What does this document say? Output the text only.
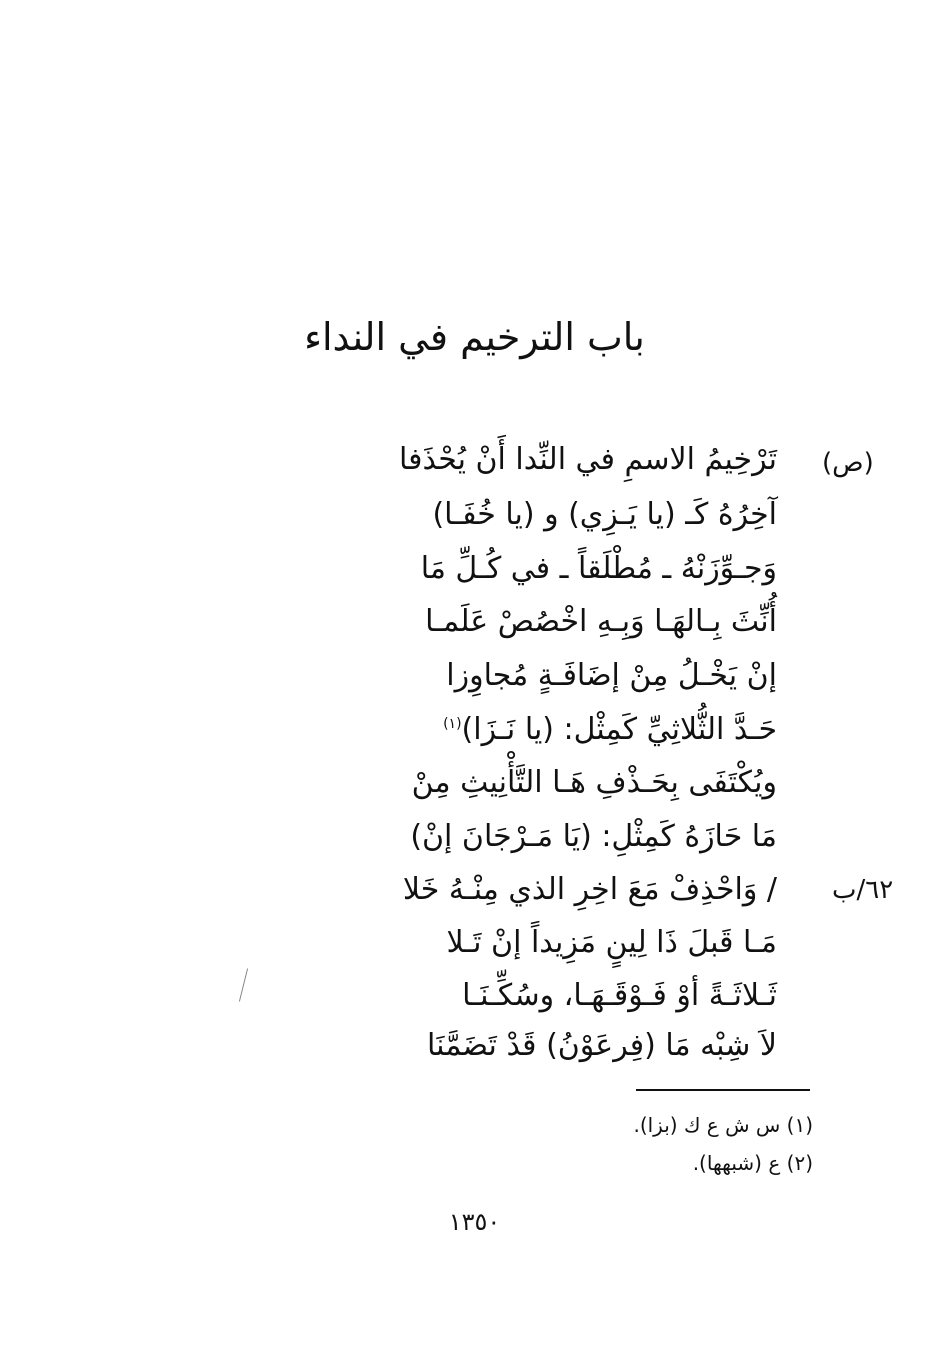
باب الترخيم في النداء
(ص)
تَرْخِيمُ الاسمِ في النِّدا أَنْ يُحْذَفا
آخِرُهُ كَـ (يا يَـزِي) و (يا خُفَـا)
وَجـوِّزَنْهُ ـ مُطْلَقاً ـ في كُـلِّ مَا
أُنِّثَ بِـالهَـا وَبِـهِ اخْصُصْ عَلَمـا
إنْ يَخْـلُ مِنْ إضَافَـةٍ مُجاوِزا
حَـدَّ الثُّلاثِيِّ كَمِثْل: (يا نَـزَا)$^{(١)}$
ويُكْتَفَى بِحَـذْفِ هَـا التَّأْنِيثِ مِنْ
مَا حَازَهُ كَمِثْلِ: (يَا مَـرْجَانَ إنْ)
٦٢/ب
/ وَاحْذِفْ مَعَ اخِرِ الذي مِنْـهُ خَلا
مَـا قَبلَ ذَا لِينٍ مَزِيداً إنْ تَـلا
ثَـلاثَـةً أوْ فَـوْقَـهَـا، وسُكِّـنَـا
لاَ شِبْه مَا (فِرعَوْنُ) قَدْ تَضَمَّنَا
(١) س ش ع ك (بزا).
(٢) ع (شبهها).
١٣٥٠
